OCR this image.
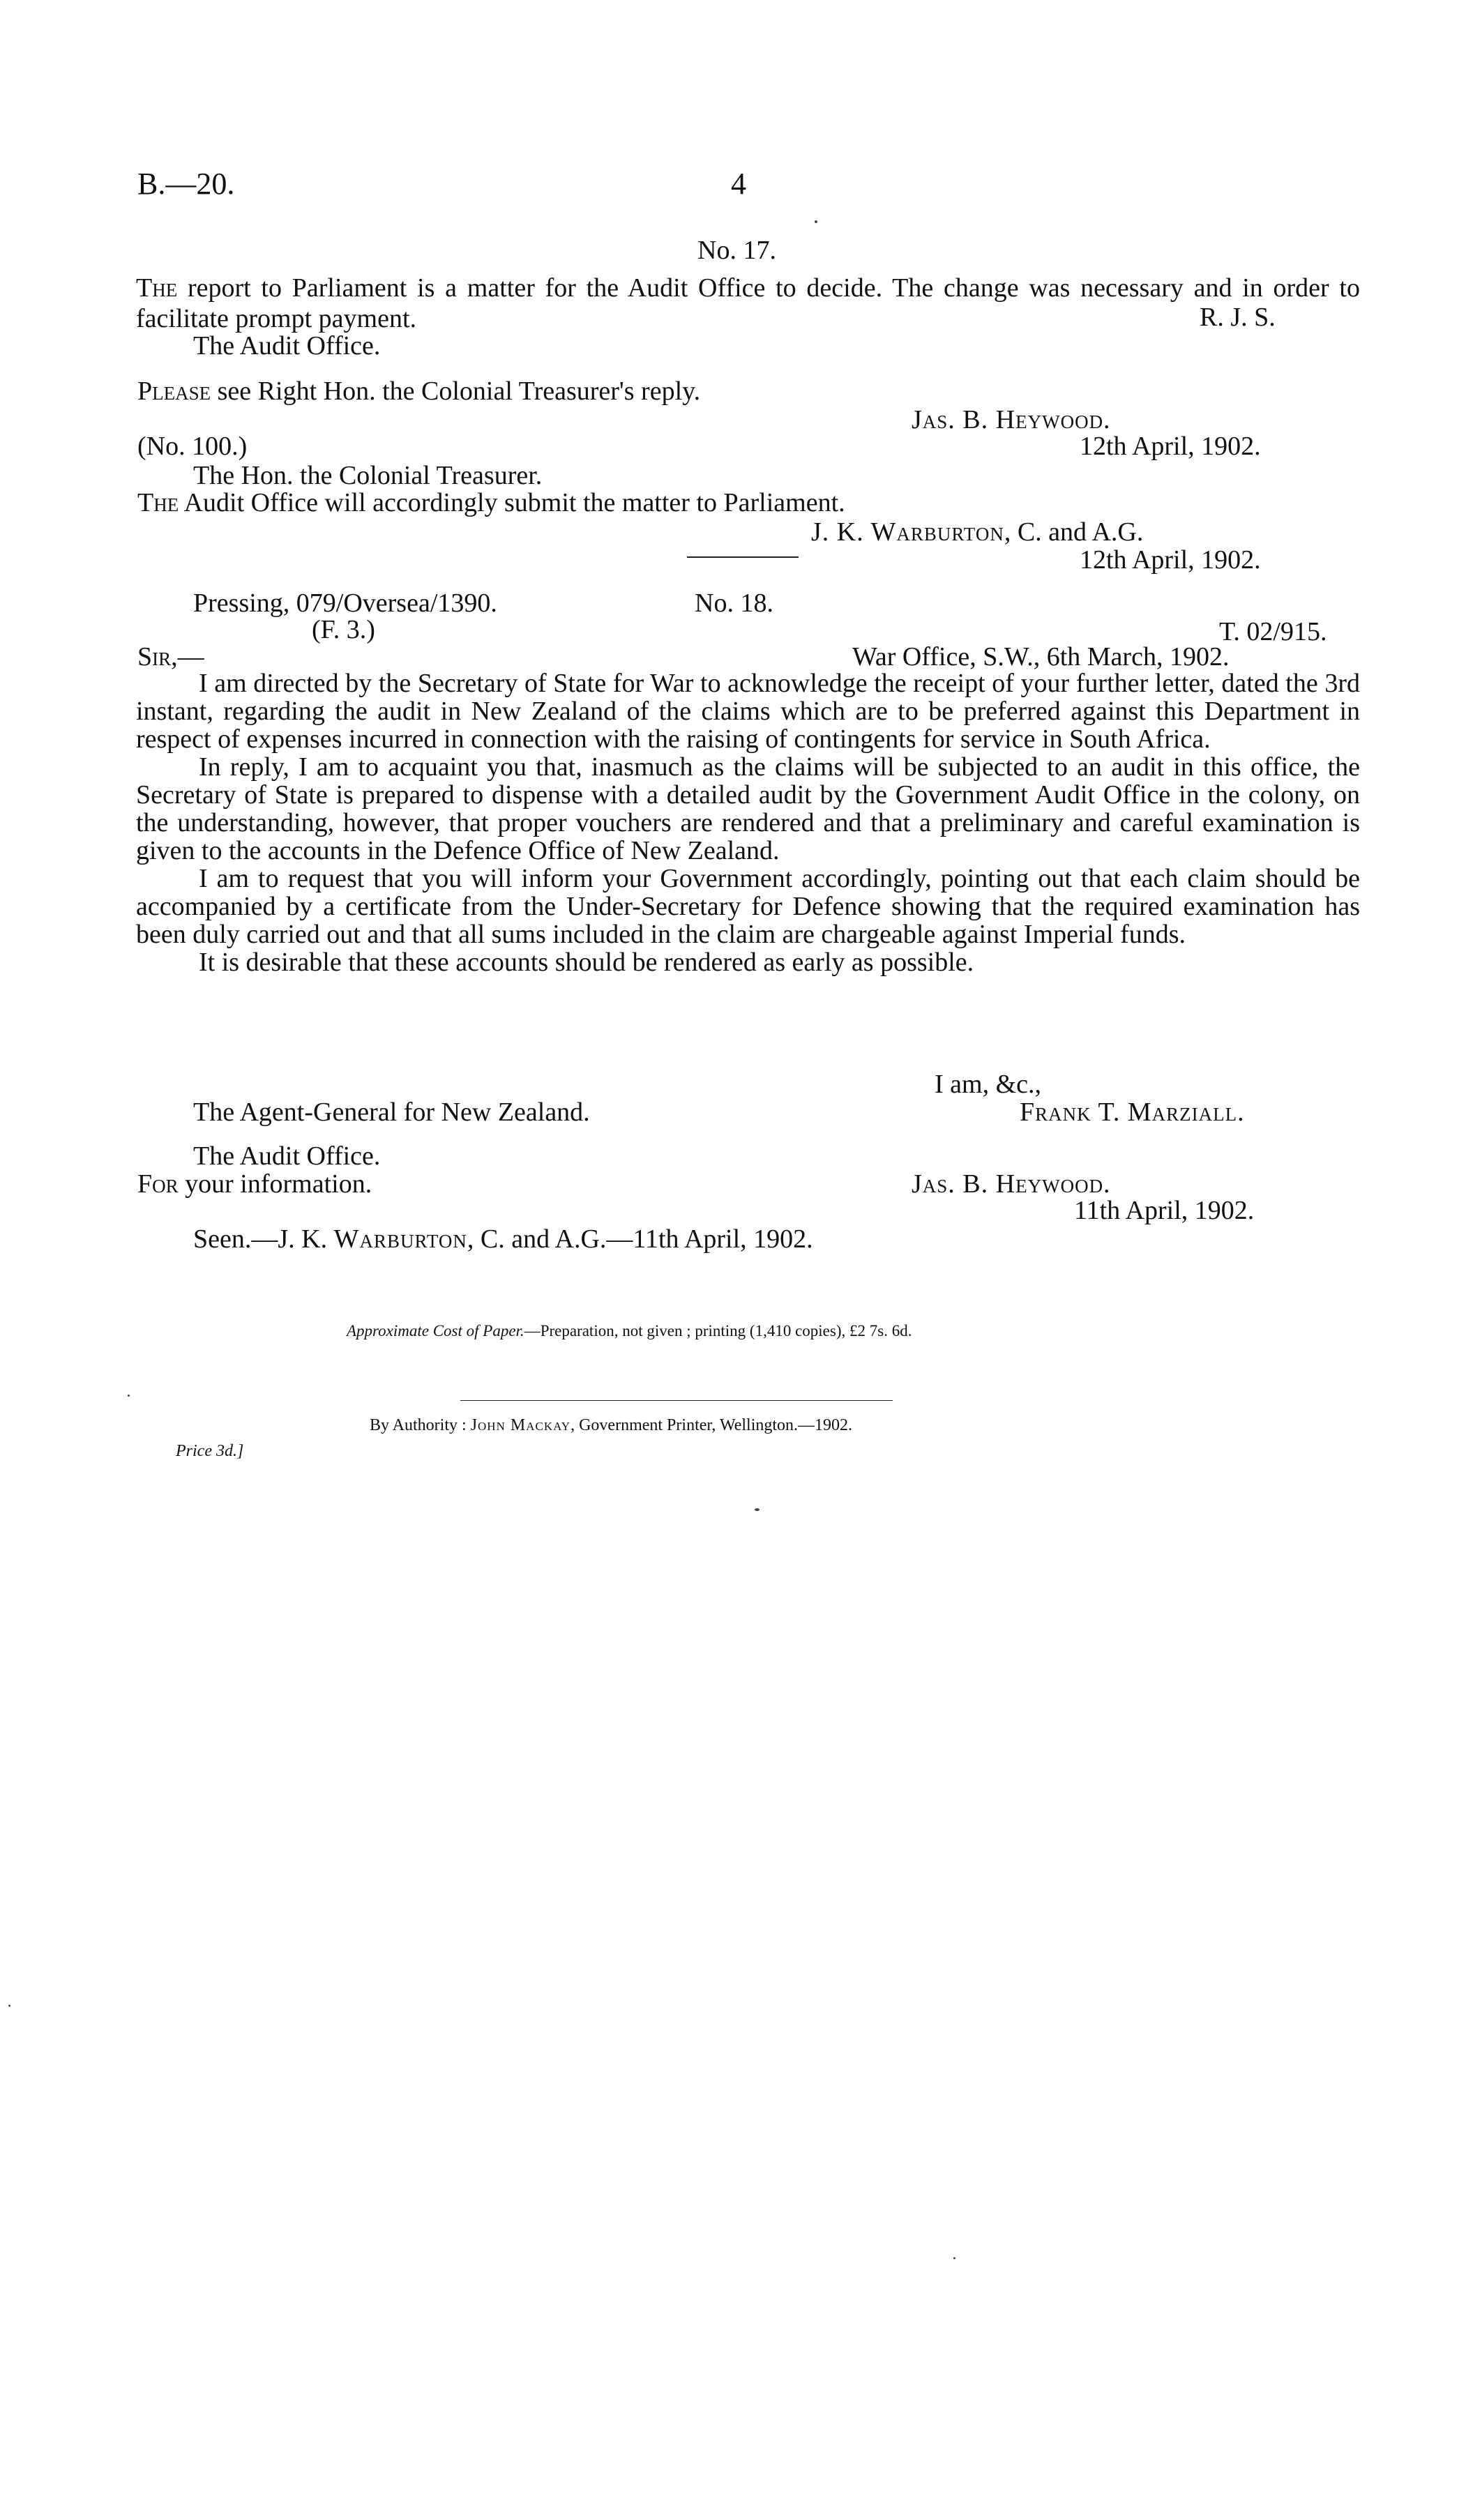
B.—20.	4
No. 17.

The report to Parliament is a matter for the Audit Office to decide. The change was necessary and in order to facilitate prompt payment.	R. J. S.
The Audit Office.
Please see Right Hon. the Colonial Treasurer's reply.
Jas. B. Heywood.
(No. 100.)	12th April, 1902.
The Hon. the Colonial Treasurer.
The Audit Office will accordingly submit the matter to Parliament.
J. K. Warburton, C. and A.G.
12th April, 1902.
Pressing, 079/Oversea/1390.	No. 18.
(F. 3.)	T. 02/915.
Sir,—	War Office, S.W., 6th March, 1902.

I am directed by the Secretary of State for War to acknowledge the receipt of your further letter, dated the 3rd instant, regarding the audit in New Zealand of the claims which are to be preferred against this Department in respect of expenses incurred in connection with the raising of contingents for service in South Africa.

In reply, I am to acquaint you that, inasmuch as the claims will be subjected to an audit in this office, the Secretary of State is prepared to dispense with a detailed audit by the Government Audit Office in the colony, on the understanding, however, that proper vouchers are rendered and that a preliminary and careful examination is given to the accounts in the Defence Office of New Zealand.

I am to request that you will inform your Government accordingly, pointing out that each claim should be accompanied by a certificate from the Under-Secretary for Defence showing that the required examination has been duly carried out and that all sums included in the claim are chargeable against Imperial funds.

It is desirable that these accounts should be rendered as early as possible.

I am, &c.,
The Agent-General for New Zealand.	Frank T. Marziall.
The Audit Office.
For your information.	Jas. B. Heywood.
11th April, 1902.
Seen.—J. K. Warburton, C. and A.G.—11th April, 1902.
Approximate Cost of Paper.—Preparation, not given ; printing (1,410 copies), £2 7s. 6d.
By Authority : John Mackay, Government Printer, Wellington.—1902.
Price 3d.]
